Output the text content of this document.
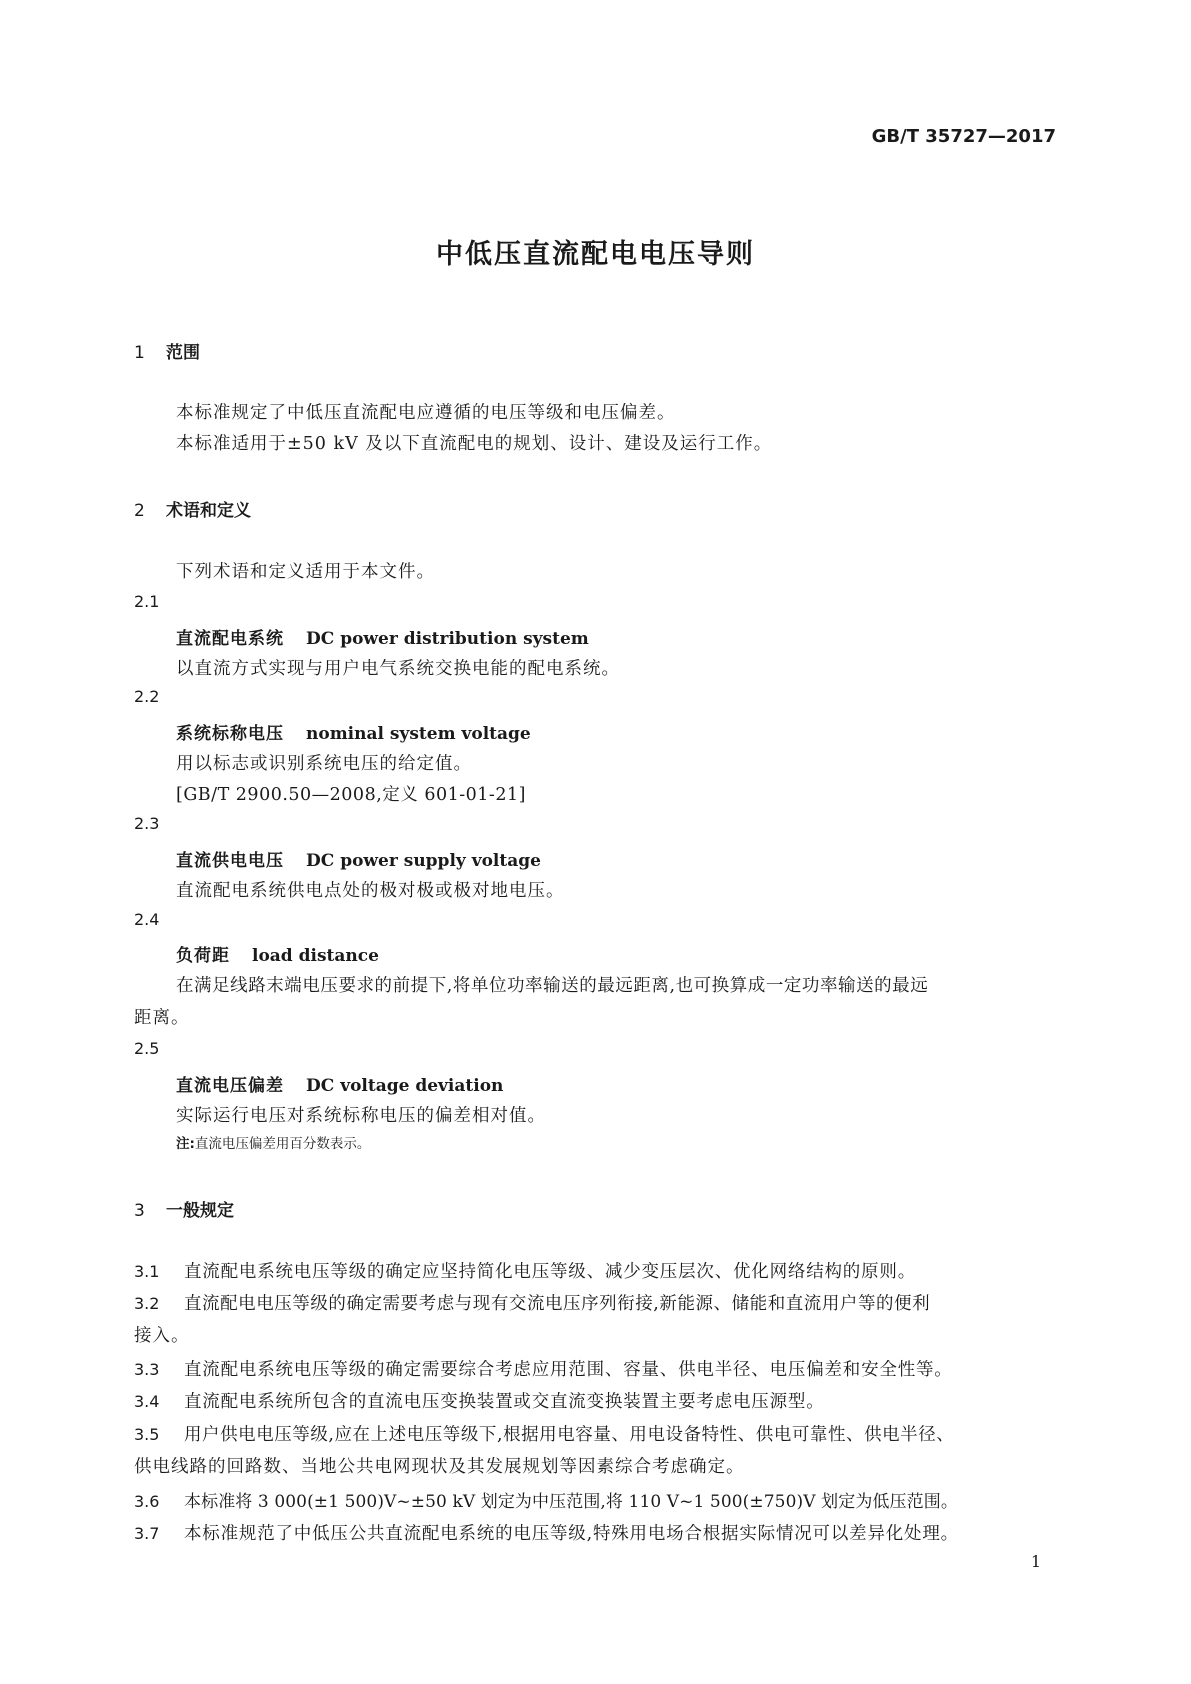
GB/T 35727—2017
中低压直流配电电压导则
1 范围
本标准规定了中低压直流配电应遵循的电压等级和电压偏差。
本标准适用于±50 kV 及以下直流配电的规划、设计、建设及运行工作。
2 术语和定义
下列术语和定义适用于本文件。
2.1
直流配电系统 DC power distribution system
以直流方式实现与用户电气系统交换电能的配电系统。
2.2
系统标称电压 nominal system voltage
用以标志或识别系统电压的给定值。
[GB/T 2900.50—2008,定义 601-01-21]
2.3
直流供电电压 DC power supply voltage
直流配电系统供电点处的极对极或极对地电压。
2.4
负荷距 load distance
在满足线路末端电压要求的前提下,将单位功率输送的最远距离,也可换算成一定功率输送的最远
距离。
2.5
直流电压偏差 DC voltage deviation
实际运行电压对系统标称电压的偏差相对值。
注:直流电压偏差用百分数表示。
3 一般规定
3.1 直流配电系统电压等级的确定应坚持简化电压等级、减少变压层次、优化网络结构的原则。
3.2 直流配电电压等级的确定需要考虑与现有交流电压序列衔接,新能源、储能和直流用户等的便利
接入。
3.3 直流配电系统电压等级的确定需要综合考虑应用范围、容量、供电半径、电压偏差和安全性等。
3.4 直流配电系统所包含的直流电压变换装置或交直流变换装置主要考虑电压源型。
3.5 用户供电电压等级,应在上述电压等级下,根据用电容量、用电设备特性、供电可靠性、供电半径、
供电线路的回路数、当地公共电网现状及其发展规划等因素综合考虑确定。
3.6 本标准将 3 000(±1 500)V~±50 kV 划定为中压范围,将 110 V~1 500(±750)V 划定为低压范围。
3.7 本标准规范了中低压公共直流配电系统的电压等级,特殊用电场合根据实际情况可以差异化处理。
1
